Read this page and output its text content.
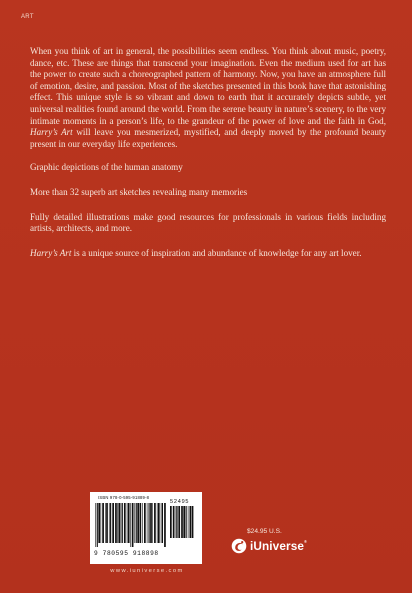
ART

When you think of art in general, the possibilities seem endless. You think about music, poetry, dance, etc. These are things that transcend your imagination. Even the medium used for art has the power to create such a choreographed pattern of harmony. Now, you have an atmosphere full of emotion, desire, and passion. Most of the sketches presented in this book have that astonishing effect. This unique style is so vibrant and down to earth that it accurately depicts subtle, yet universal realities found around the world. From the serene beauty in nature’s scenery, to the very intimate moments in a person’s life, to the grandeur of the power of love and the faith in God, Harry’s Art will leave you mesmerized, mystified, and deeply moved by the profound beauty present in our everyday life experiences.

Graphic depictions of the human anatomy

More than 32 superb art sketches revealing many memories

Fully detailed illustrations make good resources for professionals in various fields including artists, architects, and more.

Harry’s Art is a unique source of inspiration and abundance of knowledge for any art lover.

ISBN 978-0-595-91889-8
52495
9 780595 918898
www.iuniverse.com
$24.95 U.S.
iUniverse®
